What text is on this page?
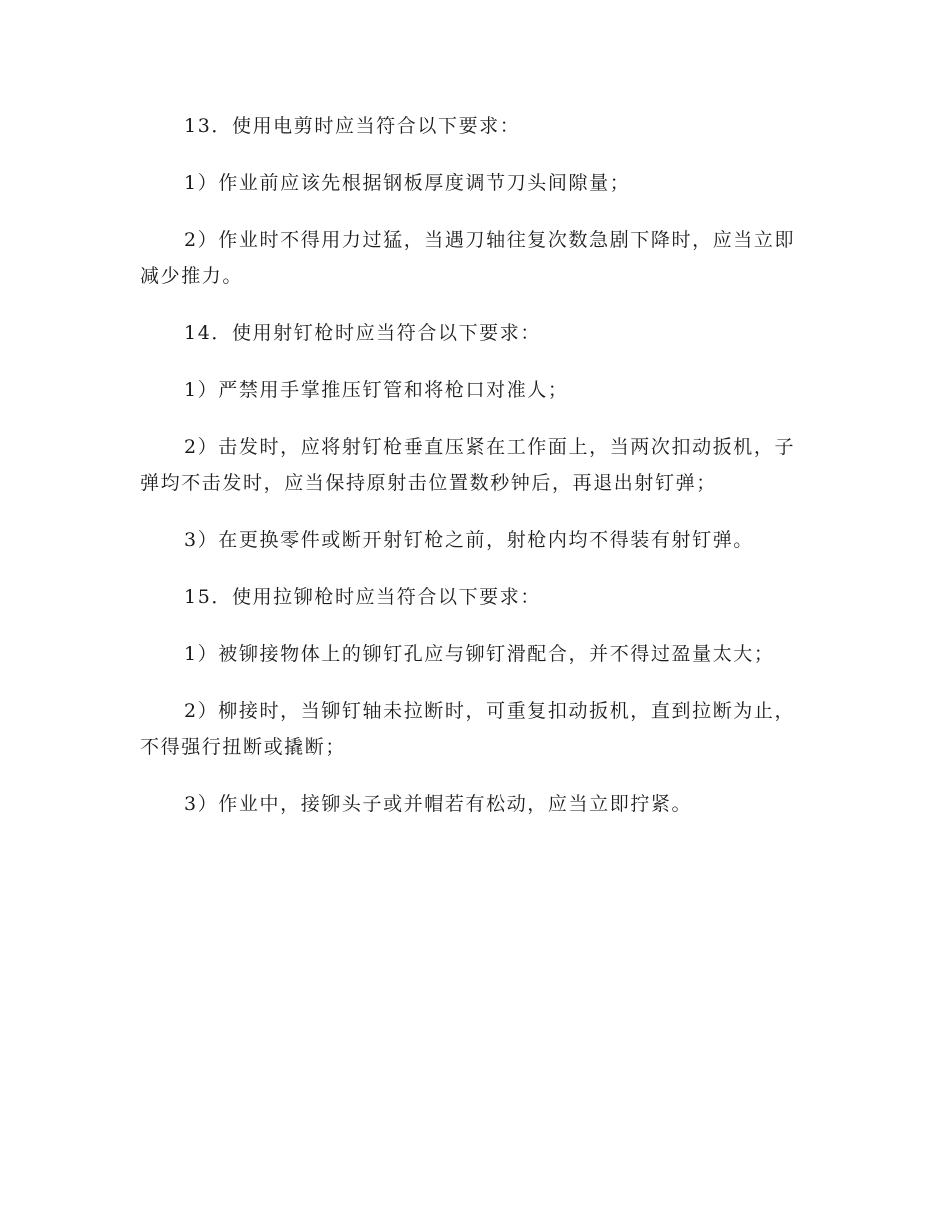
13．使用电剪时应当符合以下要求：

1）作业前应该先根据钢板厚度调节刀头间隙量；

2）作业时不得用力过猛，当遇刀轴往复次数急剧下降时，应当立即减少推力。

14．使用射钉枪时应当符合以下要求：

1）严禁用手掌推压钉管和将枪口对准人；

2）击发时，应将射钉枪垂直压紧在工作面上，当两次扣动扳机，子弹均不击发时，应当保持原射击位置数秒钟后，再退出射钉弹；

3）在更换零件或断开射钉枪之前，射枪内均不得装有射钉弹。

15．使用拉铆枪时应当符合以下要求：

1）被铆接物体上的铆钉孔应与铆钉滑配合，并不得过盈量太大；

2）柳接时，当铆钉轴未拉断时，可重复扣动扳机，直到拉断为止，不得强行扭断或撬断；

3）作业中，接铆头子或并帽若有松动，应当立即拧紧。
